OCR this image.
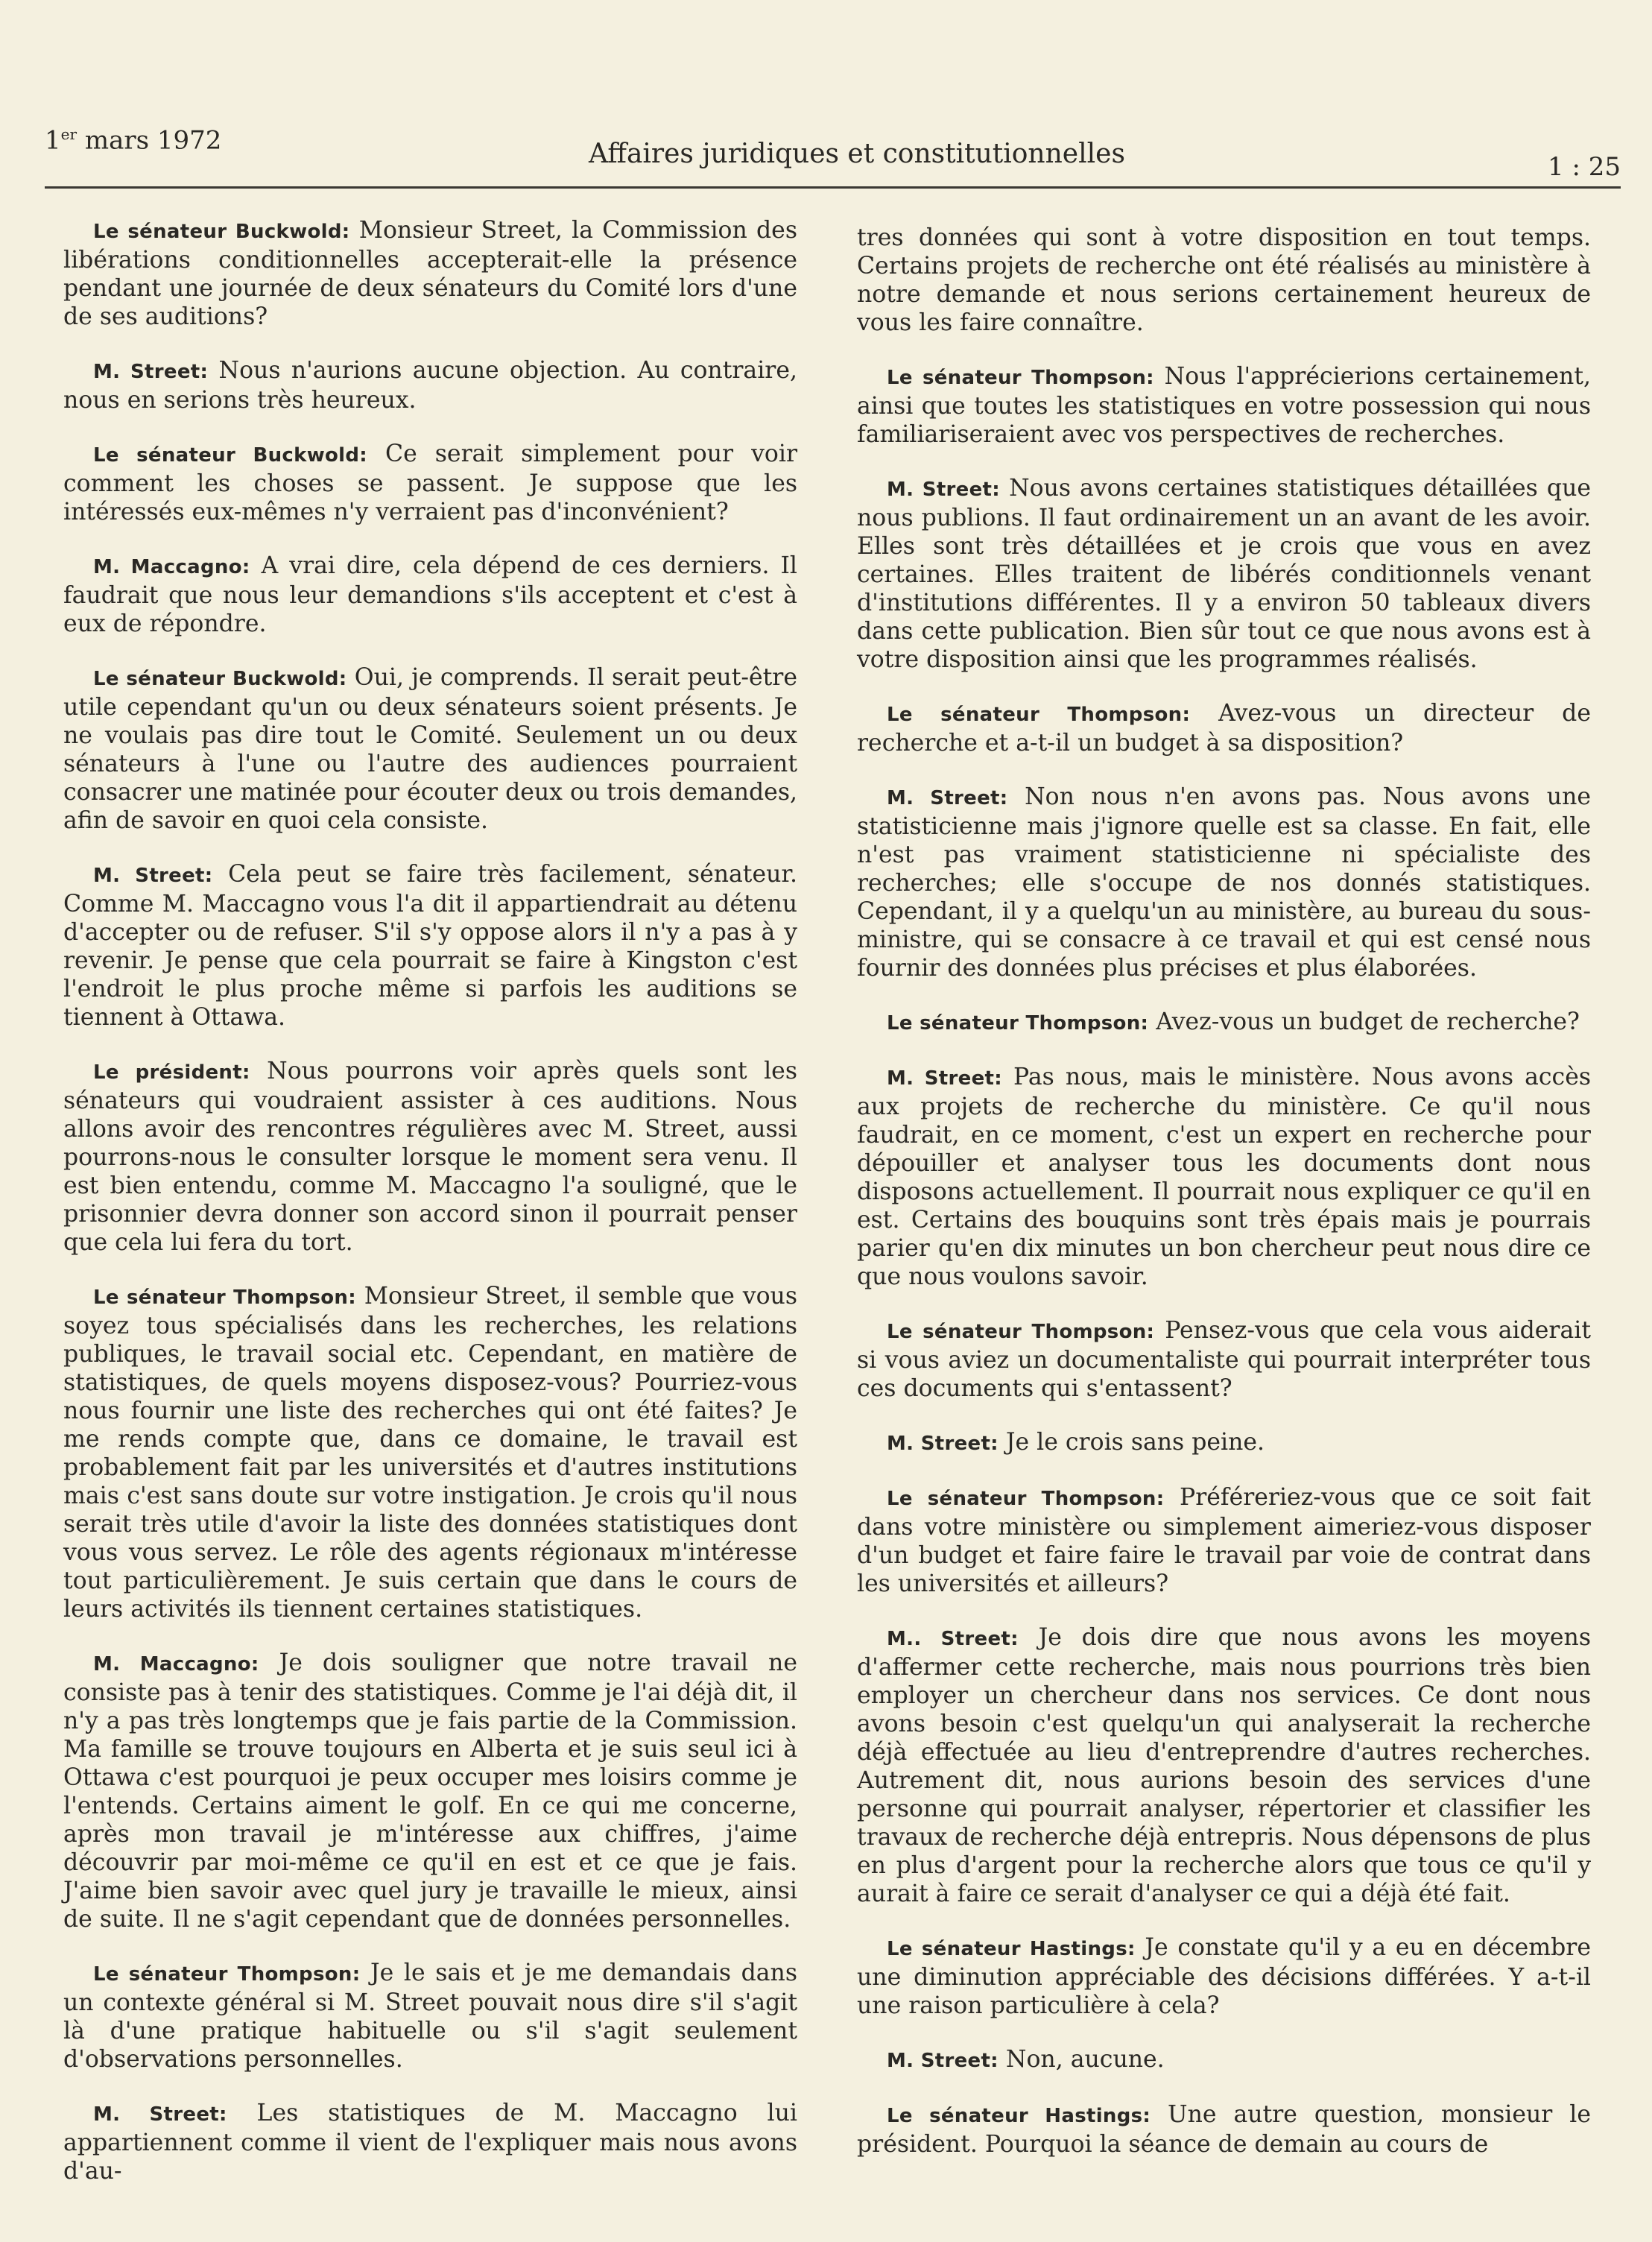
1er mars 1972	Affaires juridiques et constitutionnelles	1 : 25

Le sénateur Buckwold: Monsieur Street, la Commission des libérations conditionnelles accepterait-elle la présence pendant une journée de deux sénateurs du Comité lors d'une de ses auditions?

M. Street: Nous n'aurions aucune objection. Au contraire, nous en serions très heureux.

Le sénateur Buckwold: Ce serait simplement pour voir comment les choses se passent. Je suppose que les intéressés eux-mêmes n'y verraient pas d'inconvénient?

M. Maccagno: A vrai dire, cela dépend de ces derniers. Il faudrait que nous leur demandions s'ils acceptent et c'est à eux de répondre.

Le sénateur Buckwold: Oui, je comprends. Il serait peut-être utile cependant qu'un ou deux sénateurs soient présents. Je ne voulais pas dire tout le Comité. Seulement un ou deux sénateurs à l'une ou l'autre des audiences pourraient consacrer une matinée pour écouter deux ou trois demandes, afin de savoir en quoi cela consiste.

M. Street: Cela peut se faire très facilement, sénateur. Comme M. Maccagno vous l'a dit il appartiendrait au détenu d'accepter ou de refuser. S'il s'y oppose alors il n'y a pas à y revenir. Je pense que cela pourrait se faire à Kingston c'est l'endroit le plus proche même si parfois les auditions se tiennent à Ottawa.

Le président: Nous pourrons voir après quels sont les sénateurs qui voudraient assister à ces auditions. Nous allons avoir des rencontres régulières avec M. Street, aussi pourrons-nous le consulter lorsque le moment sera venu. Il est bien entendu, comme M. Maccagno l'a souligné, que le prisonnier devra donner son accord sinon il pourrait penser que cela lui fera du tort.

Le sénateur Thompson: Monsieur Street, il semble que vous soyez tous spécialisés dans les recherches, les relations publiques, le travail social etc. Cependant, en matière de statistiques, de quels moyens disposez-vous? Pourriez-vous nous fournir une liste des recherches qui ont été faites? Je me rends compte que, dans ce domaine, le travail est probablement fait par les universités et d'autres institutions mais c'est sans doute sur votre instigation. Je crois qu'il nous serait très utile d'avoir la liste des données statistiques dont vous vous servez. Le rôle des agents régionaux m'intéresse tout particulièrement. Je suis certain que dans le cours de leurs activités ils tiennent certaines statistiques.

M. Maccagno: Je dois souligner que notre travail ne consiste pas à tenir des statistiques. Comme je l'ai déjà dit, il n'y a pas très longtemps que je fais partie de la Commission. Ma famille se trouve toujours en Alberta et je suis seul ici à Ottawa c'est pourquoi je peux occuper mes loisirs comme je l'entends. Certains aiment le golf. En ce qui me concerne, après mon travail je m'intéresse aux chiffres, j'aime découvrir par moi-même ce qu'il en est et ce que je fais. J'aime bien savoir avec quel jury je travaille le mieux, ainsi de suite. Il ne s'agit cependant que de données personnelles.

Le sénateur Thompson: Je le sais et je me demandais dans un contexte général si M. Street pouvait nous dire s'il s'agit là d'une pratique habituelle ou s'il s'agit seulement d'observations personnelles.

M. Street: Les statistiques de M. Maccagno lui appartiennent comme il vient de l'expliquer mais nous avons d'au-

tres données qui sont à votre disposition en tout temps. Certains projets de recherche ont été réalisés au ministère à notre demande et nous serions certainement heureux de vous les faire connaître.

Le sénateur Thompson: Nous l'apprécierions certainement, ainsi que toutes les statistiques en votre possession qui nous familiariseraient avec vos perspectives de recherches.

M. Street: Nous avons certaines statistiques détaillées que nous publions. Il faut ordinairement un an avant de les avoir. Elles sont très détaillées et je crois que vous en avez certaines. Elles traitent de libérés conditionnels venant d'institutions différentes. Il y a environ 50 tableaux divers dans cette publication. Bien sûr tout ce que nous avons est à votre disposition ainsi que les programmes réalisés.

Le sénateur Thompson: Avez-vous un directeur de recherche et a-t-il un budget à sa disposition?

M. Street: Non nous n'en avons pas. Nous avons une statisticienne mais j'ignore quelle est sa classe. En fait, elle n'est pas vraiment statisticienne ni spécialiste des recherches; elle s'occupe de nos donnés statistiques. Cependant, il y a quelqu'un au ministère, au bureau du sous-ministre, qui se consacre à ce travail et qui est censé nous fournir des données plus précises et plus élaborées.

Le sénateur Thompson: Avez-vous un budget de recherche?

M. Street: Pas nous, mais le ministère. Nous avons accès aux projets de recherche du ministère. Ce qu'il nous faudrait, en ce moment, c'est un expert en recherche pour dépouiller et analyser tous les documents dont nous disposons actuellement. Il pourrait nous expliquer ce qu'il en est. Certains des bouquins sont très épais mais je pourrais parier qu'en dix minutes un bon chercheur peut nous dire ce que nous voulons savoir.

Le sénateur Thompson: Pensez-vous que cela vous aiderait si vous aviez un documentaliste qui pourrait interpréter tous ces documents qui s'entassent?

M. Street: Je le crois sans peine.

Le sénateur Thompson: Préféreriez-vous que ce soit fait dans votre ministère ou simplement aimeriez-vous disposer d'un budget et faire faire le travail par voie de contrat dans les universités et ailleurs?

M.. Street: Je dois dire que nous avons les moyens d'affermer cette recherche, mais nous pourrions très bien employer un chercheur dans nos services. Ce dont nous avons besoin c'est quelqu'un qui analyserait la recherche déjà effectuée au lieu d'entreprendre d'autres recherches. Autrement dit, nous aurions besoin des services d'une personne qui pourrait analyser, répertorier et classifier les travaux de recherche déjà entrepris. Nous dépensons de plus en plus d'argent pour la recherche alors que tous ce qu'il y aurait à faire ce serait d'analyser ce qui a déjà été fait.

Le sénateur Hastings: Je constate qu'il y a eu en décembre une diminution appréciable des décisions différées. Y a-t-il une raison particulière à cela?

M. Street: Non, aucune.

Le sénateur Hastings: Une autre question, monsieur le président. Pourquoi la séance de demain au cours de
